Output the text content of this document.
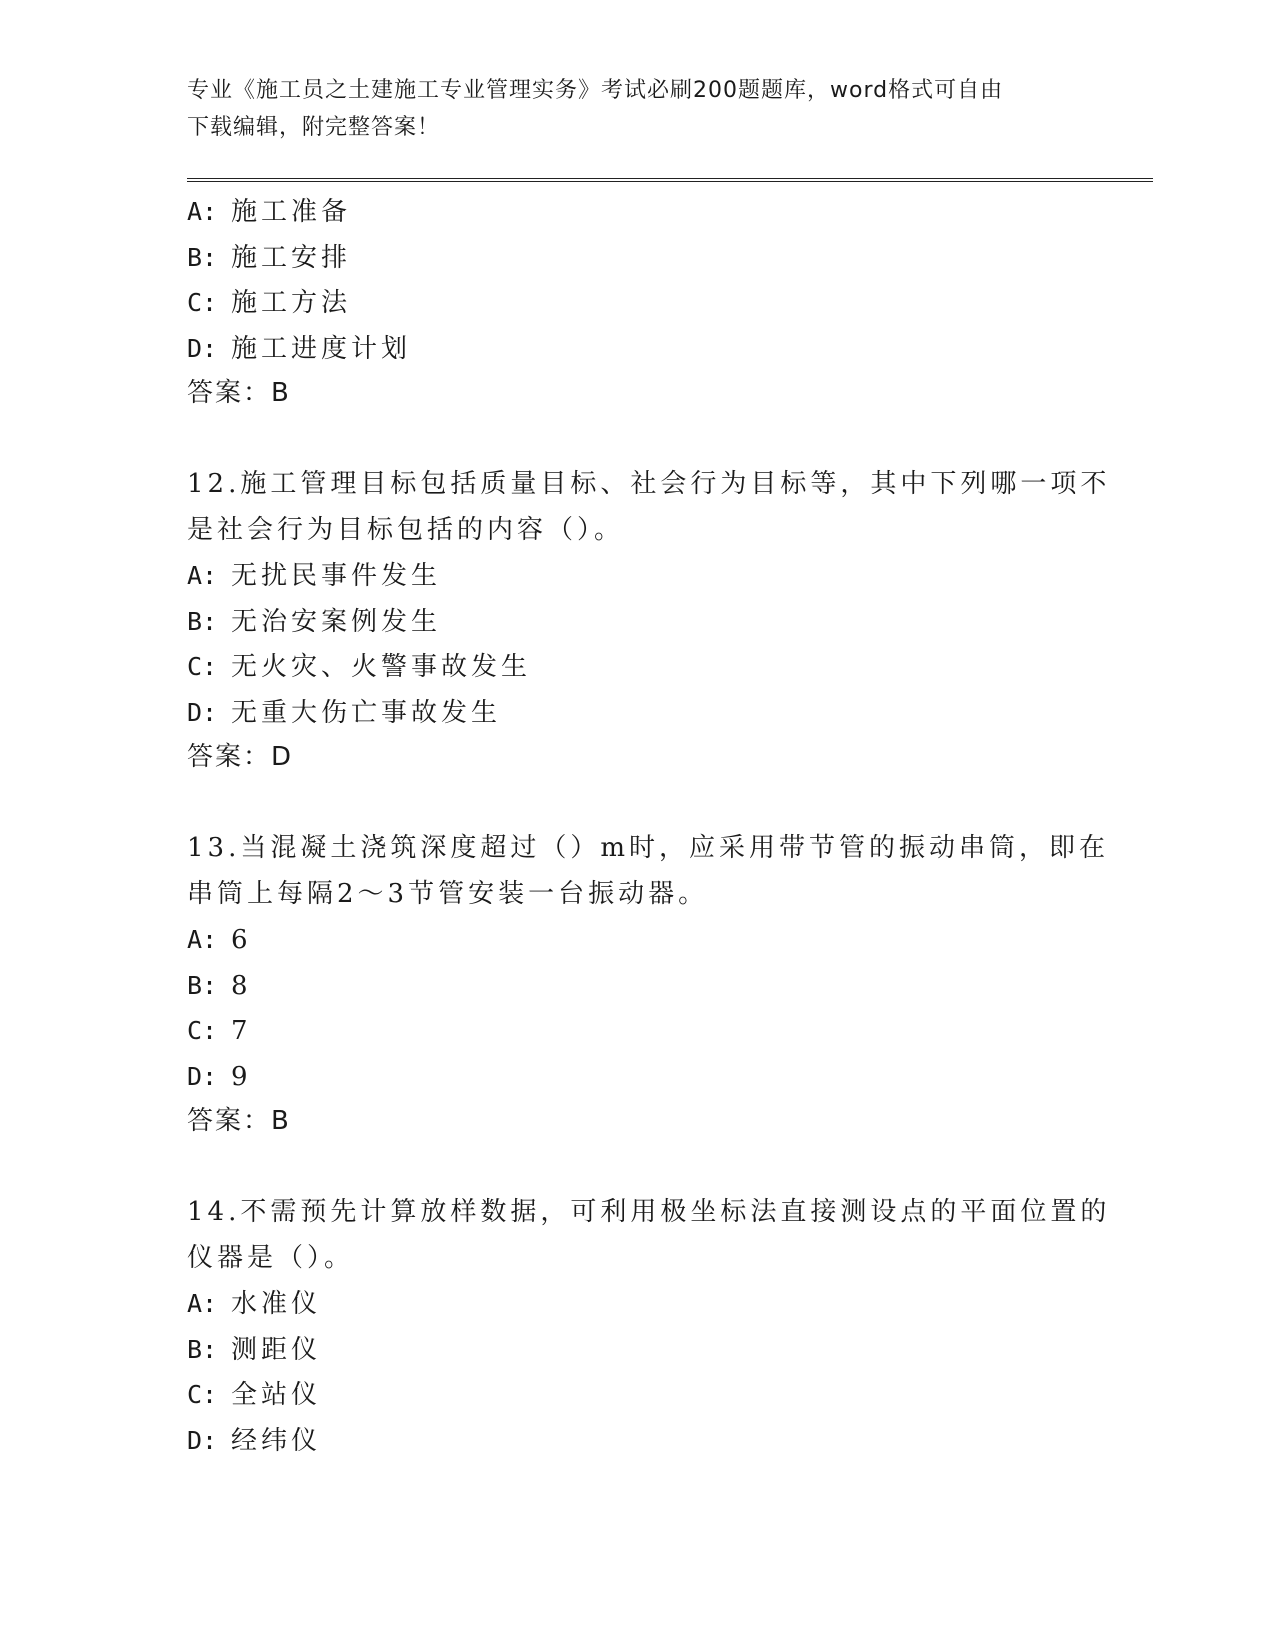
专业《施工员之土建施工专业管理实务》考试必刷200题题库，word格式可自由
下载编辑，附完整答案！
A: 施工准备
B: 施工安排
C: 施工方法
D: 施工进度计划
答案：B
12.施工管理目标包括质量目标、社会行为目标等，其中下列哪一项不
是社会行为目标包括的内容（）。
A: 无扰民事件发生
B: 无治安案例发生
C: 无火灾、火警事故发生
D: 无重大伤亡事故发生
答案：D
13.当混凝土浇筑深度超过（）m时，应采用带节管的振动串筒，即在
串筒上每隔2～3节管安装一台振动器。
A: 6
B: 8
C: 7
D: 9
答案：B
14.不需预先计算放样数据，可利用极坐标法直接测设点的平面位置的
仪器是（）。
A: 水准仪
B: 测距仪
C: 全站仪
D: 经纬仪
